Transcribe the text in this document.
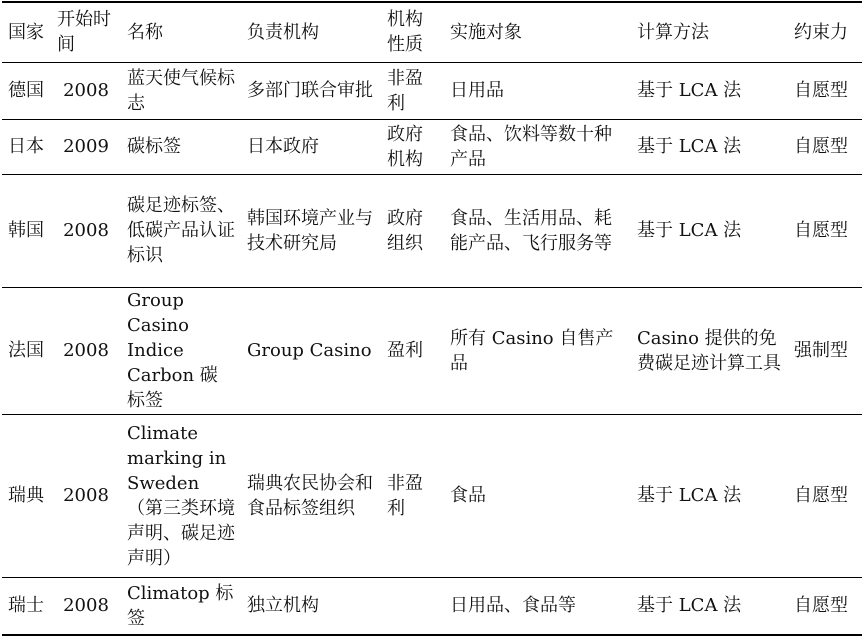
国家	开始时间	名称	负责机构	机构性质	实施对象	计算方法	约束力
德国	2008	蓝天使气候标志	多部门联合审批	非盈利	日用品	基于 LCA 法	自愿型
日本	2009	碳标签	日本政府	政府机构	食品、饮料等数十种产品	基于 LCA 法	自愿型
韩国	2008	碳足迹标签、低碳产品认证标识	韩国环境产业与技术研究局	政府组织	食品、生活用品、耗能产品、飞行服务等	基于 LCA 法	自愿型
法国	2008	Group Casino Indice Carbon 碳标签	Group Casino	盈利	所有 Casino 自售产品	Casino 提供的免费碳足迹计算工具	强制型
瑞典	2008	Climate marking in Sweden（第三类环境声明、碳足迹声明）	瑞典农民协会和食品标签组织	非盈利	食品	基于 LCA 法	自愿型
瑞士	2008	Climatop 标签	独立机构		日用品、食品等	基于 LCA 法	自愿型
